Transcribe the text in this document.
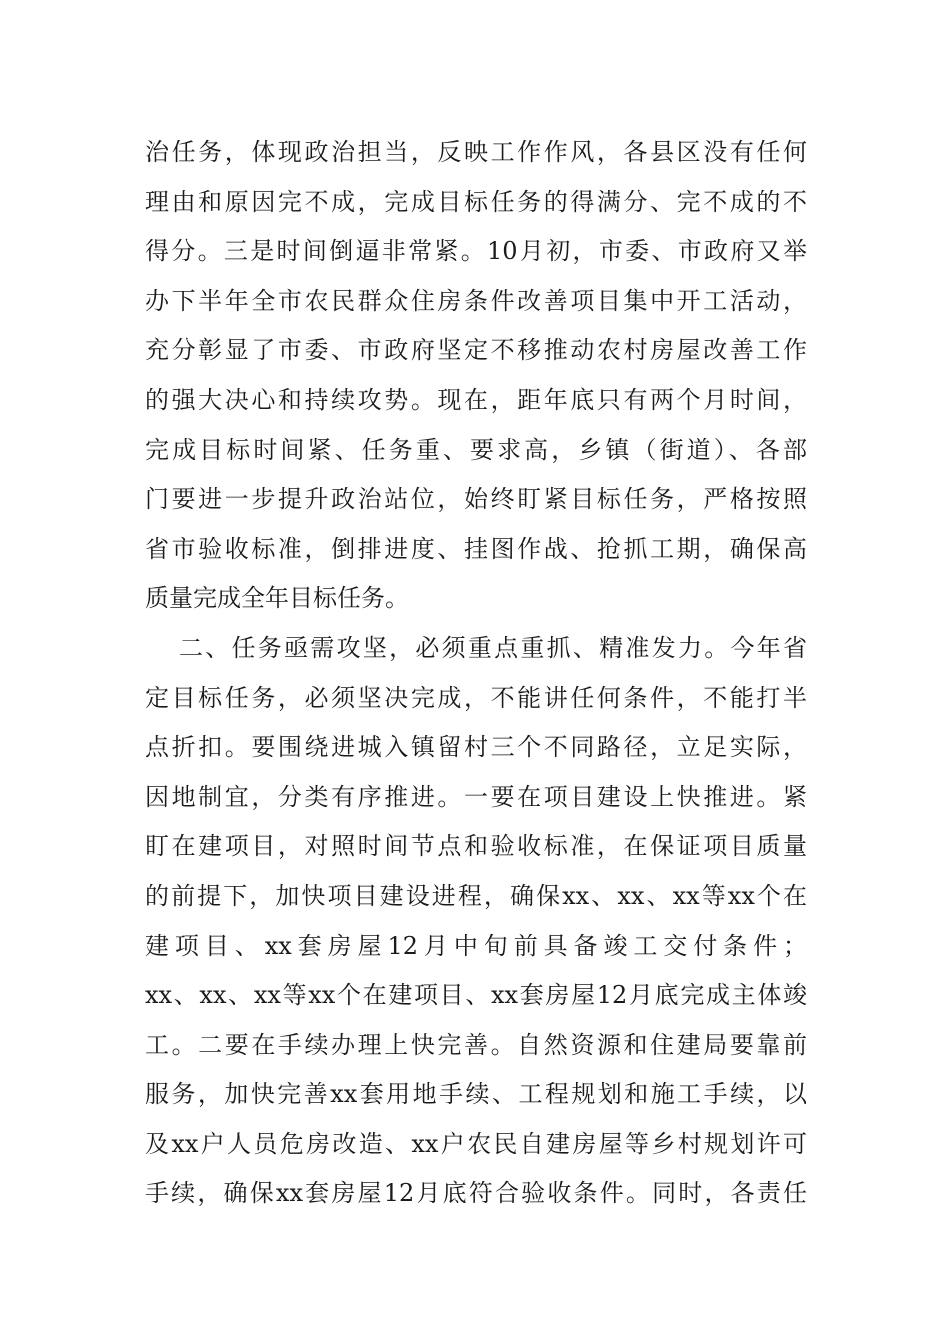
治任务，体现政治担当，反映工作作风，各县区没有任何
理由和原因完不成，完成目标任务的得满分、完不成的不
得分。三是时间倒逼非常紧。10月初，市委、市政府又举
办下半年全市农民群众住房条件改善项目集中开工活动，
充分彰显了市委、市政府坚定不移推动农村房屋改善工作
的强大决心和持续攻势。现在，距年底只有两个月时间，
完成目标时间紧、任务重、要求高，乡镇（街道）、各部
门要进一步提升政治站位，始终盯紧目标任务，严格按照
省市验收标准，倒排进度、挂图作战、抢抓工期，确保高
质量完成全年目标任务。
二、任务亟需攻坚，必须重点重抓、精准发力。今年省
定目标任务，必须坚决完成，不能讲任何条件，不能打半
点折扣。要围绕进城入镇留村三个不同路径，立足实际，
因地制宜，分类有序推进。一要在项目建设上快推进。紧
盯在建项目，对照时间节点和验收标准，在保证项目质量
的前提下，加快项目建设进程，确保xx、xx、xx等xx个在
建项目、xx套房屋12月中旬前具备竣工交付条件；
xx、xx、xx等xx个在建项目、xx套房屋12月底完成主体竣
工。二要在手续办理上快完善。自然资源和住建局要靠前
服务，加快完善xx套用地手续、工程规划和施工手续，以
及xx户人员危房改造、xx户农民自建房屋等乡村规划许可
手续，确保xx套房屋12月底符合验收条件。同时，各责任
